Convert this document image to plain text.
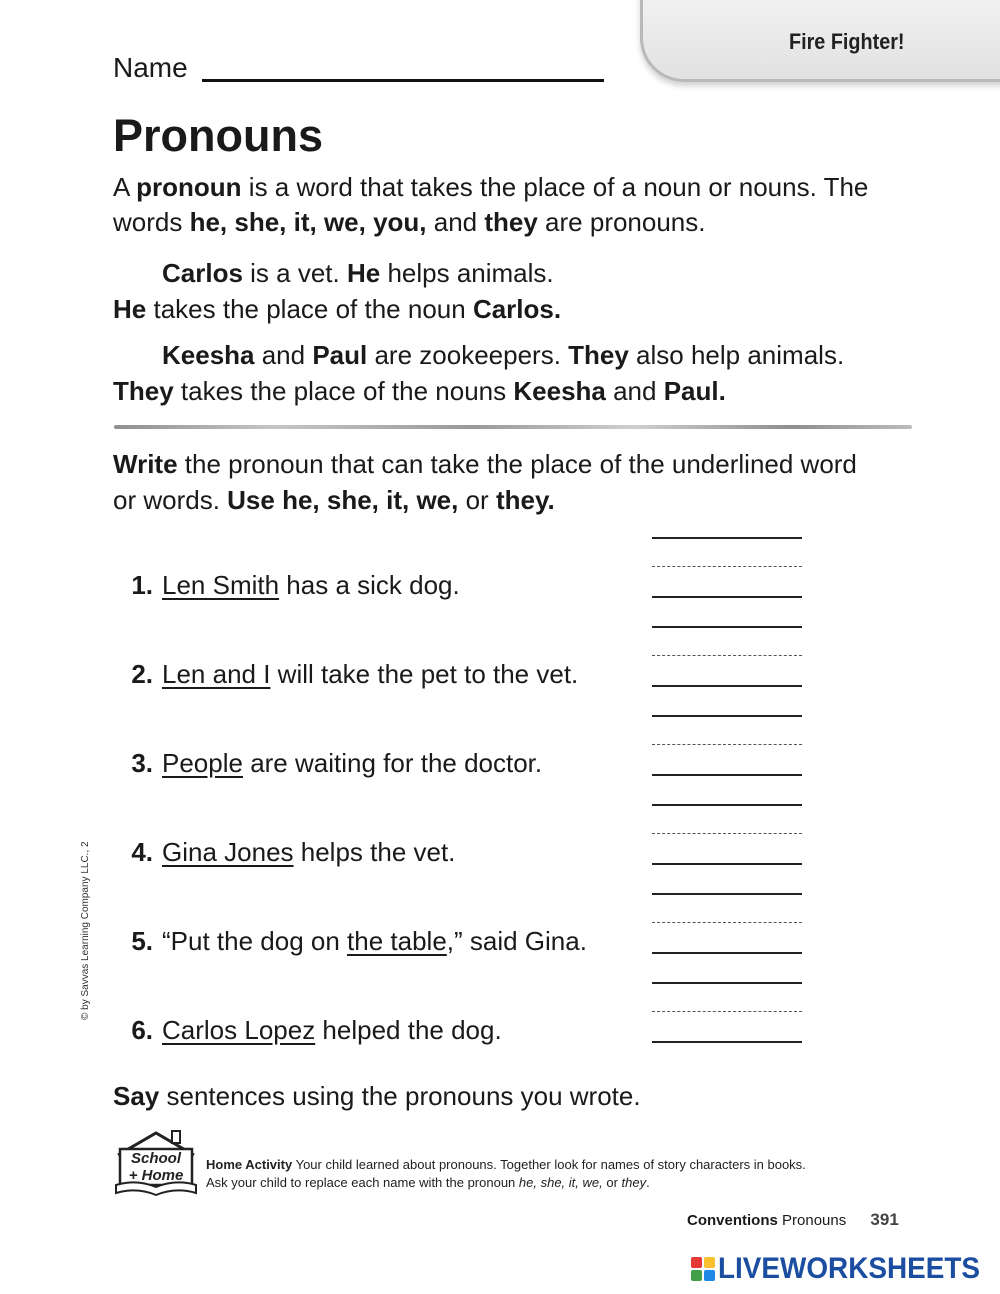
Fire Fighter!
Name
Pronouns
A pronoun is a word that takes the place of a noun or nouns. The
words he, she, it, we, you, and they are pronouns.
Carlos is a vet. He helps animals.
He takes the place of the noun Carlos.
Keesha and Paul are zookeepers. They also help animals.
They takes the place of the nouns Keesha and Paul.
Write the pronoun that can take the place of the underlined word
or words. Use he, she, it, we, or they.
1. Len Smith has a sick dog.
2. Len and I will take the pet to the vet.
3. People are waiting for the doctor.
4. Gina Jones helps the vet.
5. “Put the dog on the table,” said Gina.
6. Carlos Lopez helped the dog.
Say sentences using the pronouns you wrote.
© by Savvas Learning Company LLC., 2
School
+ Home
Home Activity Your child learned about pronouns. Together look for names of story characters in books.
Ask your child to replace each name with the pronoun he, she, it, we, or they.
Conventions Pronouns 391
LIVEWORKSHEETS
